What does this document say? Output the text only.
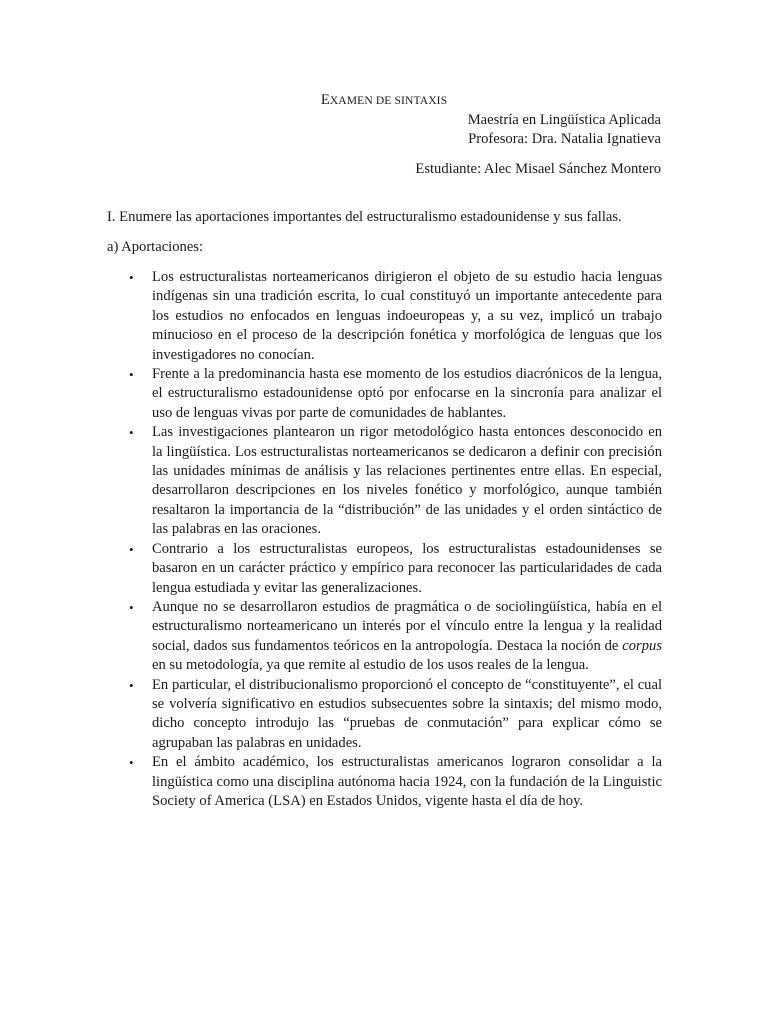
EXAMEN DE SINTAXIS
Maestría en Lingüística Aplicada
Profesora: Dra. Natalia Ignatieva
Estudiante: Alec Misael Sánchez Montero
I. Enumere las aportaciones importantes del estructuralismo estadounidense y sus fallas.
a) Aportaciones:
• Los estructuralistas norteamericanos dirigieron el objeto de su estudio hacia lenguas indígenas sin una tradición escrita, lo cual constituyó un importante antecedente para los estudios no enfocados en lenguas indoeuropeas y, a su vez, implicó un trabajo minucioso en el proceso de la descripción fonética y morfológica de lenguas que los investigadores no conocían.
• Frente a la predominancia hasta ese momento de los estudios diacrónicos de la lengua, el estructuralismo estadounidense optó por enfocarse en la sincronía para analizar el uso de lenguas vivas por parte de comunidades de hablantes.
• Las investigaciones plantearon un rigor metodológico hasta entonces desconocido en la lingüística. Los estructuralistas norteamericanos se dedicaron a definir con precisión las unidades mínimas de análisis y las relaciones pertinentes entre ellas. En especial, desarrollaron descripciones en los niveles fonético y morfológico, aunque también resaltaron la importancia de la “distribución” de las unidades y el orden sintáctico de las palabras en las oraciones.
• Contrario a los estructuralistas europeos, los estructuralistas estadounidenses se basaron en un carácter práctico y empírico para reconocer las particularidades de cada lengua estudiada y evitar las generalizaciones.
• Aunque no se desarrollaron estudios de pragmática o de sociolingüística, había en el estructuralismo norteamericano un interés por el vínculo entre la lengua y la realidad social, dados sus fundamentos teóricos en la antropología. Destaca la noción de corpus en su metodología, ya que remite al estudio de los usos reales de la lengua.
• En particular, el distribucionalismo proporcionó el concepto de “constituyente”, el cual se volvería significativo en estudios subsecuentes sobre la sintaxis; del mismo modo, dicho concepto introdujo las “pruebas de conmutación” para explicar cómo se agrupaban las palabras en unidades.
• En el ámbito académico, los estructuralistas americanos lograron consolidar a la lingüística como una disciplina autónoma hacia 1924, con la fundación de la Linguistic Society of America (LSA) en Estados Unidos, vigente hasta el día de hoy.
